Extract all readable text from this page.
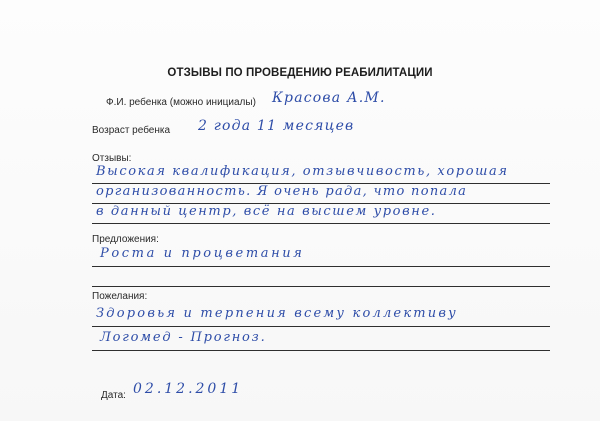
ОТЗЫВЫ ПО ПРОВЕДЕНИЮ РЕАБИЛИТАЦИИ
Ф.И. ребенка (можно инициалы) Красова А.М.
Возраст ребенка 2 года 11 месяцев
Отзывы:
Высокая квалификация, отзывчивость, хорошая
организованность. Я очень рада, что попала
в данный центр, всё на высшем уровне.
Предложения:
Роста и процветания
Пожелания:
Здоровья и терпения всему коллективу
Логомед - Прогноз.
Дата: 02.12.2011
